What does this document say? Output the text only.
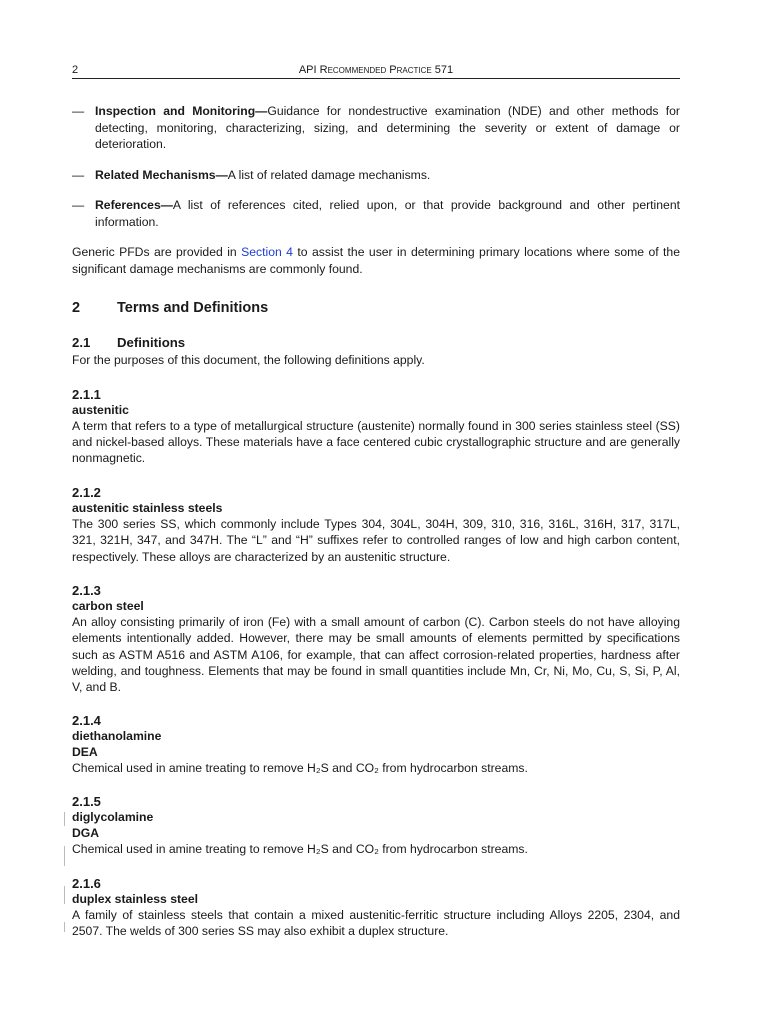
2	API Recommended Practice 571
— Inspection and Monitoring—Guidance for nondestructive examination (NDE) and other methods for detecting, monitoring, characterizing, sizing, and determining the severity or extent of damage or deterioration.
— Related Mechanisms—A list of related damage mechanisms.
— References—A list of references cited, relied upon, or that provide background and other pertinent information.

Generic PFDs are provided in Section 4 to assist the user in determining primary locations where some of the significant damage mechanisms are commonly found.

2	Terms and Definitions
2.1 Definitions

For the purposes of this document, the following definitions apply.

2.1.1
austenitic
A term that refers to a type of metallurgical structure (austenite) normally found in 300 series stainless steel (SS) and nickel-based alloys. These materials have a face centered cubic crystallographic structure and are generally nonmagnetic.
2.1.2
austenitic stainless steels
The 300 series SS, which commonly include Types 304, 304L, 304H, 309, 310, 316, 316L, 316H, 317, 317L, 321, 321H, 347, and 347H. The “L” and “H” suffixes refer to controlled ranges of low and high carbon content, respectively. These alloys are characterized by an austenitic structure.
2.1.3
carbon steel
An alloy consisting primarily of iron (Fe) with a small amount of carbon (C). Carbon steels do not have alloying elements intentionally added. However, there may be small amounts of elements permitted by specifications such as ASTM A516 and ASTM A106, for example, that can affect corrosion-related properties, hardness after welding, and toughness. Elements that may be found in small quantities include Mn, Cr, Ni, Mo, Cu, S, Si, P, Al, V, and B.
2.1.4
diethanolamine
DEA
Chemical used in amine treating to remove H₂S and CO₂ from hydrocarbon streams.
2.1.5
diglycolamine
DGA
Chemical used in amine treating to remove H₂S and CO₂ from hydrocarbon streams.
2.1.6
duplex stainless steel
A family of stainless steels that contain a mixed austenitic-ferritic structure including Alloys 2205, 2304, and 2507. The welds of 300 series SS may also exhibit a duplex structure.
